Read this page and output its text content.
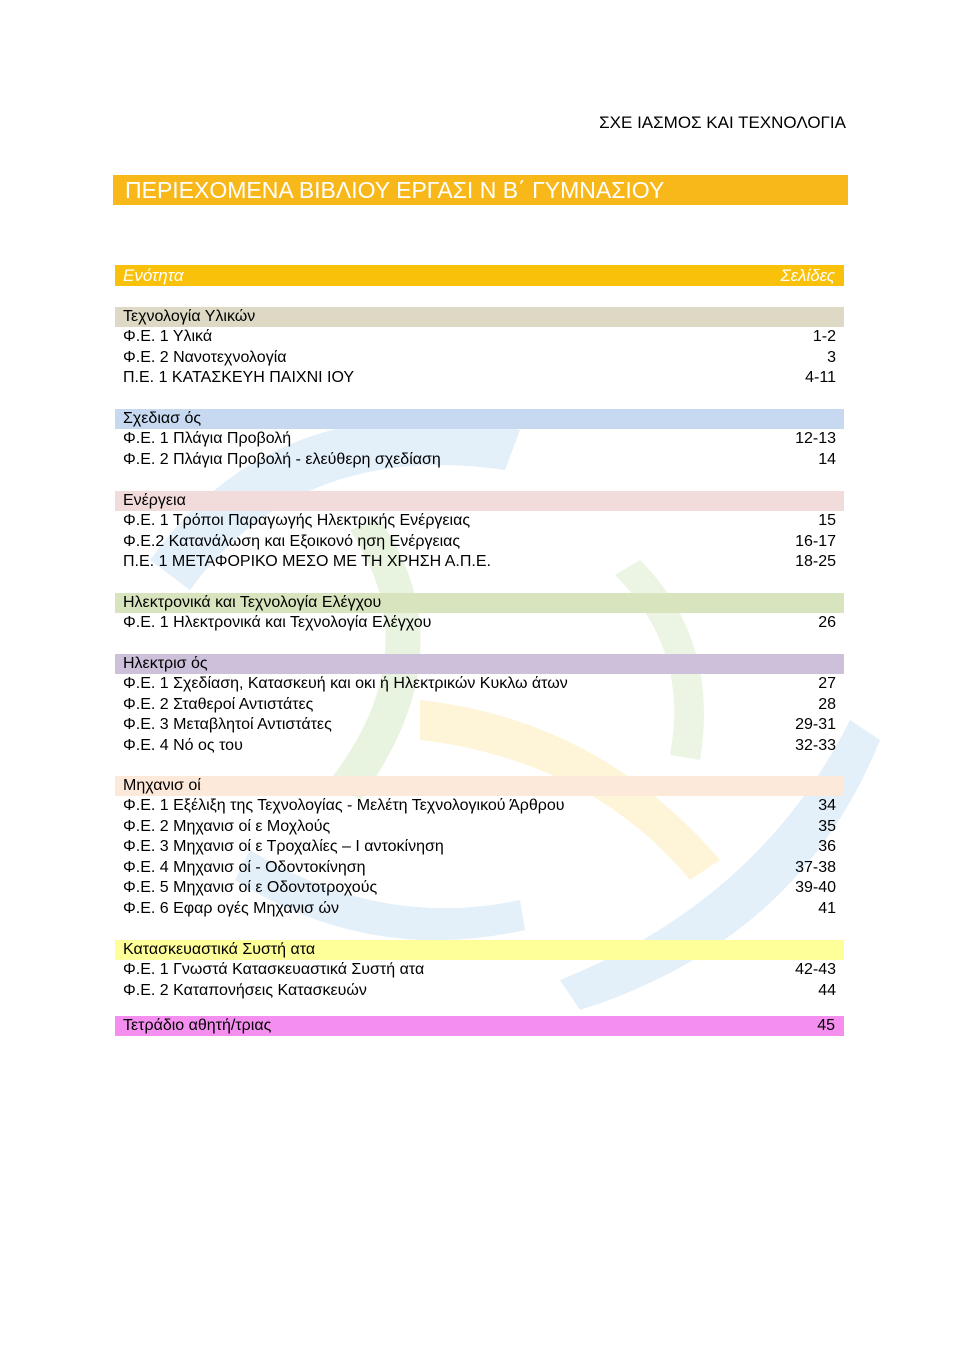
ΣΧΕ ΙΑΣΜΟΣ ΚΑΙ ΤΕΧΝΟΛΟΓΙΑ
ΠΕΡΙΕΧΟΜΕΝΑ ΒΙΒΛΙΟΥ ΕΡΓΑΣΙ Ν Β΄ ΓΥΜΝΑΣΙΟΥ
Ενότητα	Σελίδες
Τεχνολογία Υλικών
Φ.Ε. 1 Υλικά	1-2
Φ.Ε. 2 Νανοτεχνολογία	3
Π.Ε. 1 ΚΑΤΑΣΚΕΥΗ ΠΑΙΧΝΙ ΙΟΥ	4-11
Σχεδιασ ός
Φ.Ε. 1 Πλάγια Προβολή	12-13
Φ.Ε. 2 Πλάγια Προβολή - ελεύθερη σχεδίαση	14
Ενέργεια
Φ.Ε. 1 Τρόποι Παραγωγής Ηλεκτρικής Ενέργειας	15
Φ.Ε.2 Κατανάλωση και Εξοικονό ηση Ενέργειας	16-17
Π.Ε. 1 ΜΕΤΑΦΟΡΙΚΟ ΜΕΣΟ ΜΕ ΤΗ ΧΡΗΣΗ Α.Π.Ε.	18-25
Ηλεκτρονικά και Τεχνολογία Ελέγχου
Φ.Ε. 1 Ηλεκτρονικά και Τεχνολογία Ελέγχου	26
Ηλεκτρισ ός
Φ.Ε. 1 Σχεδίαση, Κατασκευή και οκι ή Ηλεκτρικών Κυκλω άτων	27
Φ.Ε. 2 Σταθεροί Αντιστάτες	28
Φ.Ε. 3 Μεταβλητοί Αντιστάτες	29-31
Φ.Ε. 4 Νό ος του	32-33
Μηχανισ οί
Φ.Ε. 1 Εξέλιξη της Τεχνολογίας - Μελέτη Τεχνολογικού Άρθρου	34
Φ.Ε. 2 Μηχανισ οί ε Μοχλούς	35
Φ.Ε. 3 Μηχανισ οί ε Τροχαλίες – Ι αντοκίνηση	36
Φ.Ε. 4 Μηχανισ οί - Οδοντοκίνηση	37-38
Φ.Ε. 5 Μηχανισ οί ε Οδοντοτροχούς	39-40
Φ.Ε. 6 Εφαρ ογές Μηχανισ ών	41
Κατασκευαστικά Συστή ατα
Φ.Ε. 1 Γνωστά Κατασκευαστικά Συστή ατα	42-43
Φ.Ε. 2 Καταπονήσεις Κατασκευών	44
Τετράδιο αθητή/τριας	45
